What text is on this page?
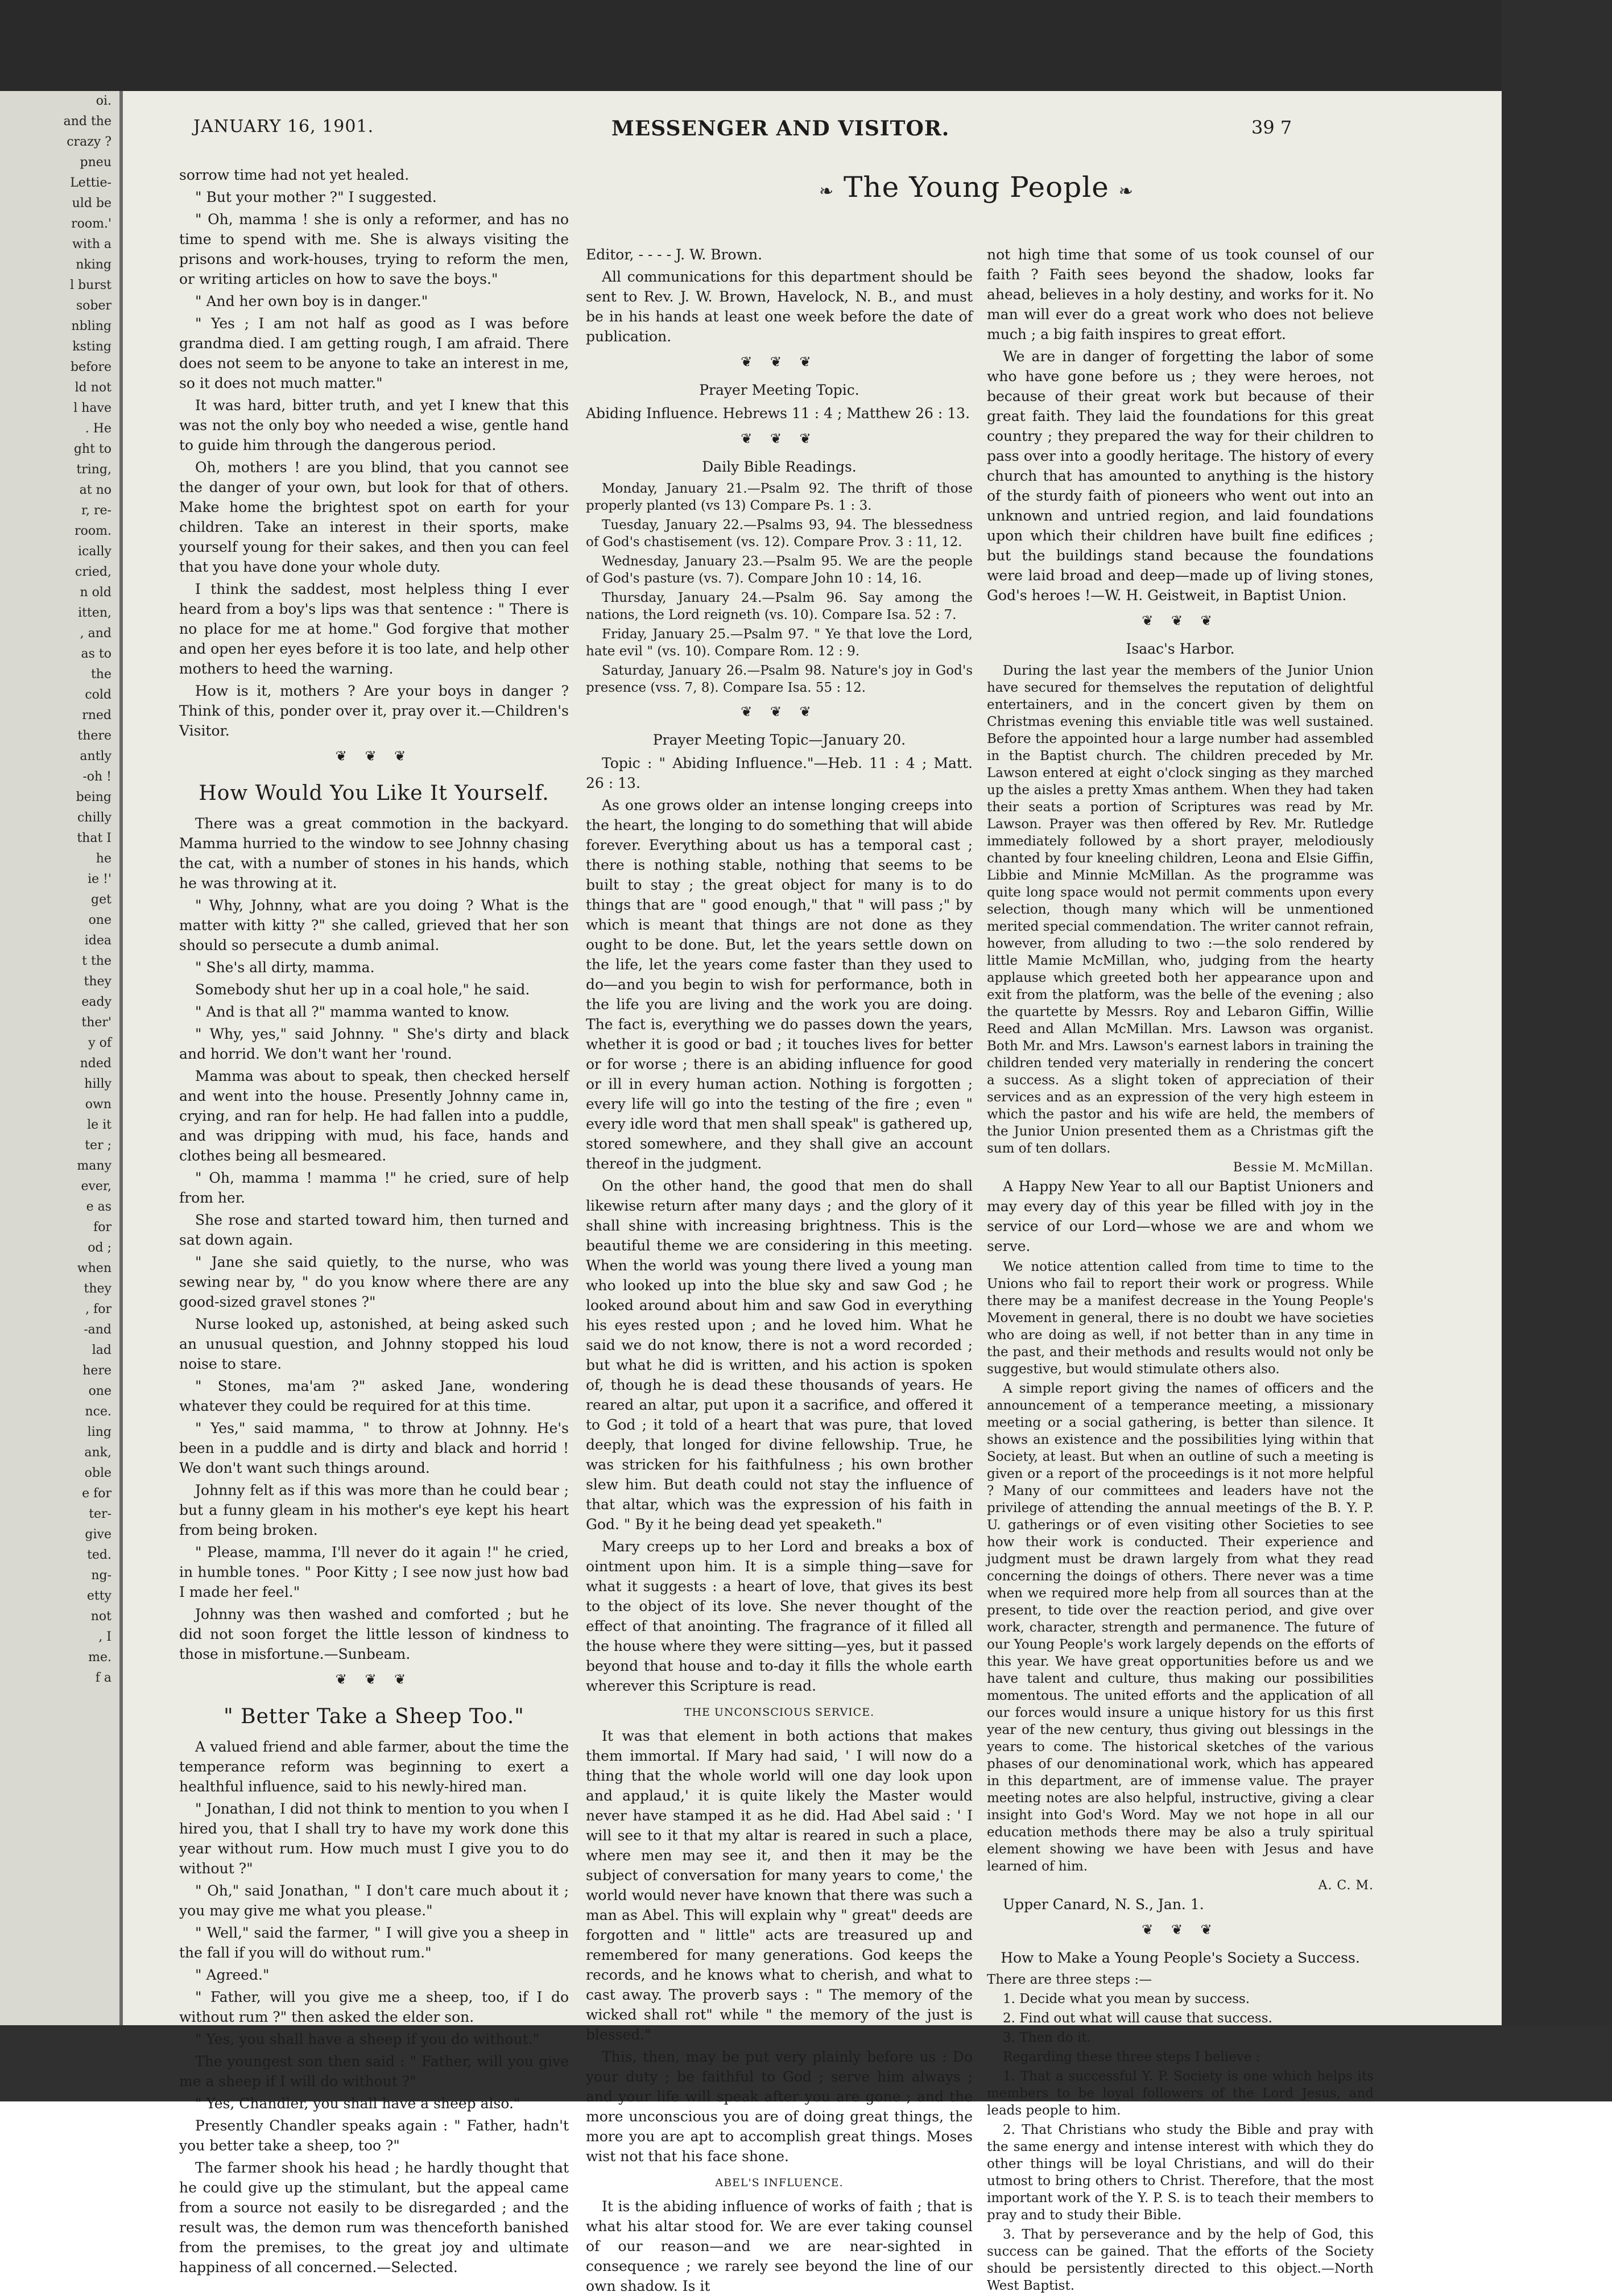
oi.

and the

crazy ?

pneu

Lettie-

uld be

room.'

with a

nking

l burst

sober

nbling

ksting

before

ld not

l have

. He

ght to

tring,

at no

r, re-

room.

ically

cried,

n old

itten,

, and

as to

the

cold

rned

there

antly

-oh !

being

chilly

that I

he

ie !'

get

one

idea

t the

they

eady

ther'

y of

nded

hilly

own

le it

ter ;

many

ever,

e as

for

od ;

when

they

, for

-and

lad

here

one

nce.

ling

ank,

oble

e for

ter-

give

ted.

ng-

etty

not

, I

me.

f a

JANUARY 16, 1901.	MESSENGER AND VISITOR.	39 7
❧ The Young People ❧

sorrow time had not yet healed.

" But your mother ?" I suggested.

" Oh, mamma ! she is only a reformer, and has no time to spend with me. She is always visiting the prisons and work-houses, trying to reform the men, or writing articles on how to save the boys."

" And her own boy is in danger."

" Yes ; I am not half as good as I was before grandma died. I am getting rough, I am afraid. There does not seem to be anyone to take an interest in me, so it does not much matter."

It was hard, bitter truth, and yet I knew that this was not the only boy who needed a wise, gentle hand to guide him through the dangerous period.

Oh, mothers ! are you blind, that you cannot see the danger of your own, but look for that of others. Make home the brightest spot on earth for your children. Take an interest in their sports, make yourself young for their sakes, and then you can feel that you have done your whole duty.

I think the saddest, most helpless thing I ever heard from a boy's lips was that sentence : " There is no place for me at home." God forgive that mother and open her eyes before it is too late, and help other mothers to heed the warning.

How is it, mothers ? Are your boys in danger ? Think of this, ponder over it, pray over it.—Children's Visitor.

❦ ❦ ❦
How Would You Like It Yourself.

There was a great commotion in the backyard. Mamma hurried to the window to see Johnny chasing the cat, with a number of stones in his hands, which he was throwing at it.

" Why, Johnny, what are you doing ? What is the matter with kitty ?" she called, grieved that her son should so persecute a dumb animal.

" She's all dirty, mamma.

Somebody shut her up in a coal hole," he said.

" And is that all ?" mamma wanted to know.

" Why, yes," said Johnny. " She's dirty and black and horrid. We don't want her 'round.

Mamma was about to speak, then checked herself and went into the house. Presently Johnny came in, crying, and ran for help. He had fallen into a puddle, and was dripping with mud, his face, hands and clothes being all besmeared.

" Oh, mamma ! mamma !" he cried, sure of help from her.

She rose and started toward him, then turned and sat down again.

" Jane she said quietly, to the nurse, who was sewing near by, " do you know where there are any good-sized gravel stones ?"

Nurse looked up, astonished, at being asked such an unusual question, and Johnny stopped his loud noise to stare.

" Stones, ma'am ?" asked Jane, wondering whatever they could be required for at this time.

" Yes," said mamma, " to throw at Johnny. He's been in a puddle and is dirty and black and horrid ! We don't want such things around.

Johnny felt as if this was more than he could bear ; but a funny gleam in his mother's eye kept his heart from being broken.

" Please, mamma, I'll never do it again !" he cried, in humble tones. " Poor Kitty ; I see now just how bad I made her feel."

Johnny was then washed and comforted ; but he did not soon forget the little lesson of kindness to those in misfortune.—Sunbeam.

❦ ❦ ❦
" Better Take a Sheep Too."

A valued friend and able farmer, about the time the temperance reform was beginning to exert a healthful influence, said to his newly-hired man.

" Jonathan, I did not think to mention to you when I hired you, that I shall try to have my work done this year without rum. How much must I give you to do without ?"

" Oh," said Jonathan, " I don't care much about it ; you may give me what you please."

" Well," said the farmer, " I will give you a sheep in the fall if you will do without rum."

" Agreed."

" Father, will you give me a sheep, too, if I do without rum ?" then asked the elder son.

" Yes, you shall have a sheep if you do without."

The youngest son then said : " Father, will you give me a sheep if I will do without ?"

" Yes, Chandler, you shall have a sheep also."

Presently Chandler speaks again : " Father, hadn't you better take a sheep, too ?"

The farmer shook his head ; he hardly thought that he could give up the stimulant, but the appeal came from a source not easily to be disregarded ; and the result was, the demon rum was thenceforth banished from the premises, to the great joy and ultimate happiness of all concerned.—Selected.

Editor, - - - - J. W. Brown.

All communications for this department should be sent to Rev. J. W. Brown, Havelock, N. B., and must be in his hands at least one week before the date of publication.

❦ ❦ ❦
Prayer Meeting Topic.

Abiding Influence. Hebrews 11 : 4 ; Matthew 26 : 13.

❦ ❦ ❦
Daily Bible Readings.

Monday, January 21.—Psalm 92. The thrift of those properly planted (vs 13) Compare Ps. 1 : 3.

Tuesday, January 22.—Psalms 93, 94. The blessedness of God's chastisement (vs. 12). Compare Prov. 3 : 11, 12.

Wednesday, January 23.—Psalm 95. We are the people of God's pasture (vs. 7). Compare John 10 : 14, 16.

Thursday, January 24.—Psalm 96. Say among the nations, the Lord reigneth (vs. 10). Compare Isa. 52 : 7.

Friday, January 25.—Psalm 97. " Ye that love the Lord, hate evil " (vs. 10). Compare Rom. 12 : 9.

Saturday, January 26.—Psalm 98. Nature's joy in God's presence (vss. 7, 8). Compare Isa. 55 : 12.

❦ ❦ ❦
Prayer Meeting Topic—January 20.

Topic : " Abiding Influence."—Heb. 11 : 4 ; Matt. 26 : 13.

As one grows older an intense longing creeps into the heart, the longing to do something that will abide forever. Everything about us has a temporal cast ; there is nothing stable, nothing that seems to be built to stay ; the great object for many is to do things that are " good enough," that " will pass ;" by which is meant that things are not done as they ought to be done. But, let the years settle down on the life, let the years come faster than they used to do—and you begin to wish for performance, both in the life you are living and the work you are doing. The fact is, everything we do passes down the years, whether it is good or bad ; it touches lives for better or for worse ; there is an abiding influence for good or ill in every human action. Nothing is forgotten ; every life will go into the testing of the fire ; even " every idle word that men shall speak" is gathered up, stored somewhere, and they shall give an account thereof in the judgment.

On the other hand, the good that men do shall likewise return after many days ; and the glory of it shall shine with increasing brightness. This is the beautiful theme we are considering in this meeting. When the world was young there lived a young man who looked up into the blue sky and saw God ; he looked around about him and saw God in everything his eyes rested upon ; and he loved him. What he said we do not know, there is not a word recorded ; but what he did is written, and his action is spoken of, though he is dead these thousands of years. He reared an altar, put upon it a sacrifice, and offered it to God ; it told of a heart that was pure, that loved deeply, that longed for divine fellowship. True, he was stricken for his faithfulness ; his own brother slew him. But death could not stay the influence of that altar, which was the expression of his faith in God. " By it he being dead yet speaketh."

Mary creeps up to her Lord and breaks a box of ointment upon him. It is a simple thing—save for what it suggests : a heart of love, that gives its best to the object of its love. She never thought of the effect of that anointing. The fragrance of it filled all the house where they were sitting—yes, but it passed beyond that house and to-day it fills the whole earth wherever this Scripture is read.

THE UNCONSCIOUS SERVICE.

It was that element in both actions that makes them immortal. If Mary had said, ' I will now do a thing that the whole world will one day look upon and applaud,' it is quite likely the Master would never have stamped it as he did. Had Abel said : ' I will see to it that my altar is reared in such a place, where men may see it, and then it may be the subject of conversation for many years to come,' the world would never have known that there was such a man as Abel. This will explain why " great" deeds are forgotten and " little" acts are treasured up and remembered for many generations. God keeps the records, and he knows what to cherish, and what to cast away. The proverb says : " The memory of the wicked shall rot" while " the memory of the just is blessed."

This, then, may be put very plainly before us : Do your duty ; be faithful to God ; serve him always ; and your life will speak after you are gone ; and the more unconscious you are of doing great things, the more you are apt to accomplish great things. Moses wist not that his face shone.

ABEL'S INFLUENCE.

It is the abiding influence of works of faith ; that is what his altar stood for. We are ever taking counsel of our reason—and we are near-sighted in consequence ; we rarely see beyond the line of our own shadow. Is it

not high time that some of us took counsel of our faith ? Faith sees beyond the shadow, looks far ahead, believes in a holy destiny, and works for it. No man will ever do a great work who does not believe much ; a big faith inspires to great effort.

We are in danger of forgetting the labor of some who have gone before us ; they were heroes, not because of their great work but because of their great faith. They laid the foundations for this great country ; they prepared the way for their children to pass over into a goodly heritage. The history of every church that has amounted to anything is the history of the sturdy faith of pioneers who went out into an unknown and untried region, and laid foundations upon which their children have built fine edifices ; but the buildings stand because the foundations were laid broad and deep—made up of living stones, God's heroes !—W. H. Geistweit, in Baptist Union.

❦ ❦ ❦
Isaac's Harbor.

During the last year the members of the Junior Union have secured for themselves the reputation of delightful entertainers, and in the concert given by them on Christmas evening this enviable title was well sustained. Before the appointed hour a large number had assembled in the Baptist church. The children preceded by Mr. Lawson entered at eight o'clock singing as they marched up the aisles a pretty Xmas anthem. When they had taken their seats a portion of Scriptures was read by Mr. Lawson. Prayer was then offered by Rev. Mr. Rutledge immediately followed by a short prayer, melodiously chanted by four kneeling children, Leona and Elsie Giffin, Libbie and Minnie McMillan. As the programme was quite long space would not permit comments upon every selection, though many which will be unmentioned merited special commendation. The writer cannot refrain, however, from alluding to two :—the solo rendered by little Mamie McMillan, who, judging from the hearty applause which greeted both her appearance upon and exit from the platform, was the belle of the evening ; also the quartette by Messrs. Roy and Lebaron Giffin, Willie Reed and Allan McMillan. Mrs. Lawson was organist. Both Mr. and Mrs. Lawson's earnest labors in training the children tended very materially in rendering the concert a success. As a slight token of appreciation of their services and as an expression of the very high esteem in which the pastor and his wife are held, the members of the Junior Union presented them as a Christmas gift the sum of ten dollars.

Bessie M. McMillan.

A Happy New Year to all our Baptist Unioners and may every day of this year be filled with joy in the service of our Lord—whose we are and whom we serve.

We notice attention called from time to time to the Unions who fail to report their work or progress. While there may be a manifest decrease in the Young People's Movement in general, there is no doubt we have societies who are doing as well, if not better than in any time in the past, and their methods and results would not only be suggestive, but would stimulate others also.

A simple report giving the names of officers and the announcement of a temperance meeting, a missionary meeting or a social gathering, is better than silence. It shows an existence and the possibilities lying within that Society, at least. But when an outline of such a meeting is given or a report of the proceedings is it not more helpful ? Many of our committees and leaders have not the privilege of attending the annual meetings of the B. Y. P. U. gatherings or of even visiting other Societies to see how their work is conducted. Their experience and judgment must be drawn largely from what they read concerning the doings of others. There never was a time when we required more help from all sources than at the present, to tide over the reaction period, and give over work, character, strength and permanence. The future of our Young People's work largely depends on the efforts of this year. We have great opportunities before us and we have talent and culture, thus making our possibilities momentous. The united efforts and the application of all our forces would insure a unique history for us this first year of the new century, thus giving out blessings in the years to come. The historical sketches of the various phases of our denominational work, which has appeared in this department, are of immense value. The prayer meeting notes are also helpful, instructive, giving a clear insight into God's Word. May we not hope in all our education methods there may be also a truly spiritual element showing we have been with Jesus and have learned of him.

A. C. M.

Upper Canard, N. S., Jan. 1.

❦ ❦ ❦
How to Make a Young People's Society a Success.

There are three steps :—

1. Decide what you mean by success.

2. Find out what will cause that success.

3. Then do it.

Regarding these three steps I believe :

1. That a successful Y. P. Society is one which helps its members to be loyal followers of the Lord Jesus, and leads people to him.

2. That Christians who study the Bible and pray with the same energy and intense interest with which they do other things will be loyal Christians, and will do their utmost to bring others to Christ. Therefore, that the most important work of the Y. P. S. is to teach their members to pray and to study their Bible.

3. That by perseverance and by the help of God, this success can be gained. That the efforts of the Society should be persistently directed to this object.—North West Baptist.
